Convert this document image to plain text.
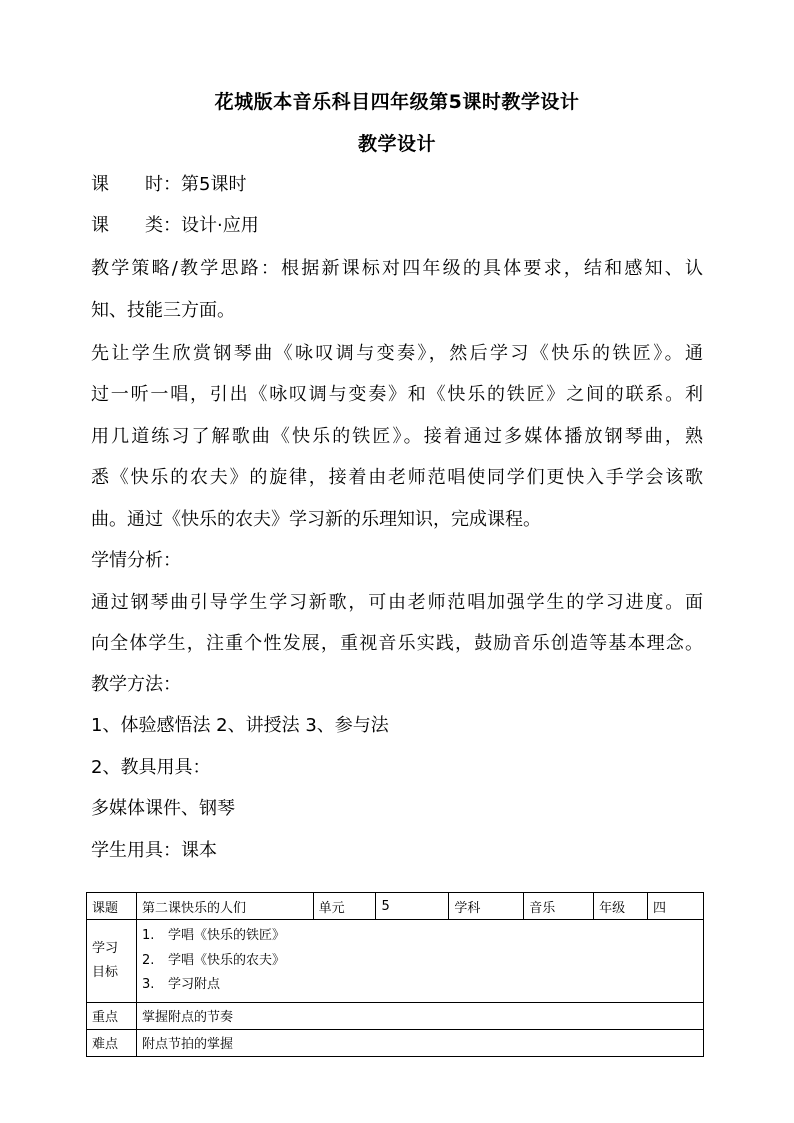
花城版本音乐科目四年级第5课时教学设计
教学设计
课　　时：第5课时
课　　类：设计·应用
教学策略/教学思路：根据新课标对四年级的具体要求，结和感知、认
知、技能三方面。
先让学生欣赏钢琴曲《咏叹调与变奏》，然后学习《快乐的铁匠》。通
过一听一唱，引出《咏叹调与变奏》和《快乐的铁匠》之间的联系。利
用几道练习了解歌曲《快乐的铁匠》。接着通过多媒体播放钢琴曲，熟
悉《快乐的农夫》的旋律，接着由老师范唱使同学们更快入手学会该歌
曲。通过《快乐的农夫》学习新的乐理知识，完成课程。
学情分析：
通过钢琴曲引导学生学习新歌，可由老师范唱加强学生的学习进度。面
向全体学生，注重个性发展，重视音乐实践，鼓励音乐创造等基本理念。
教学方法：
1、体验感悟法 2、讲授法 3、参与法
2、教具用具：
多媒体课件、钢琴
学生用具：课本
课题	第二课快乐的人们	单元	5	学科	音乐	年级	四
学习目标	1. 学唱《快乐的铁匠》
2. 学唱《快乐的农夫》
3. 学习附点						

重点	掌握附点的节奏						
难点	附点节拍的掌握						
